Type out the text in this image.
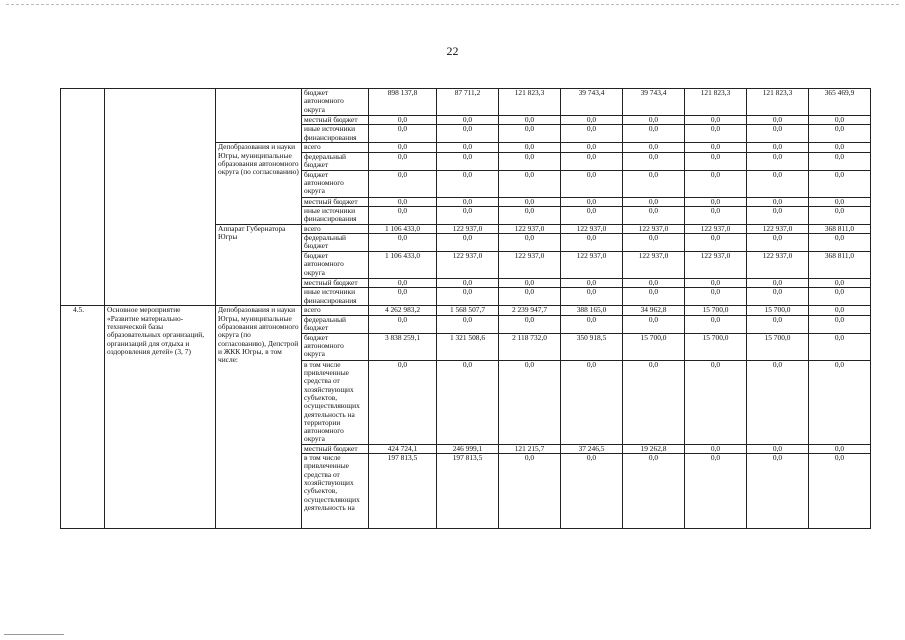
22
			бюджет автономного округа	898 137,8	87 711,2	121 823,3	39 743,4	39 743,4	121 823,3	121 823,3	365 469,9
			местный бюджет	0,0	0,0	0,0	0,0	0,0	0,0	0,0	0,0
			иные источники финансирования	0,0	0,0	0,0	0,0	0,0	0,0	0,0	0,0
		Депобразования и науки Югры, муниципальные образования автономного округа (по согласованию)	всего	0,0	0,0	0,0	0,0	0,0	0,0	0,0	0,0
			федеральный бюджет	0,0	0,0	0,0	0,0	0,0	0,0	0,0	0,0
			бюджет автономного округа	0,0	0,0	0,0	0,0	0,0	0,0	0,0	0,0
			местный бюджет	0,0	0,0	0,0	0,0	0,0	0,0	0,0	0,0
			иные источники финансирования	0,0	0,0	0,0	0,0	0,0	0,0	0,0	0,0
		Аппарат Губернатора Югры	всего	1 106 433,0	122 937,0	122 937,0	122 937,0	122 937,0	122 937,0	122 937,0	368 811,0
			федеральный бюджет	0,0	0,0	0,0	0,0	0,0	0,0	0,0	0,0
			бюджет автономного округа	1 106 433,0	122 937,0	122 937,0	122 937,0	122 937,0	122 937,0	122 937,0	368 811,0
			местный бюджет	0,0	0,0	0,0	0,0	0,0	0,0	0,0	0,0
			иные источники финансирования	0,0	0,0	0,0	0,0	0,0	0,0	0,0	0,0
4.5.	Основное мероприятие «Развитие материально-технической базы образовательных организаций, организаций для отдыха и оздоровления детей» (3, 7)	Депобразования и науки Югры, муниципальные образования автономного округа (по согласованию), Депстрой и ЖКК Югры, в том числе:	всего	4 262 983,2	1 568 507,7	2 239 947,7	388 165,0	34 962,8	15 700,0	15 700,0	0,0
			федеральный бюджет	0,0	0,0	0,0	0,0	0,0	0,0	0,0	0,0
			бюджет автономного округа	3 838 259,1	1 321 508,6	2 118 732,0	350 918,5	15 700,0	15 700,0	15 700,0	0,0
			в том числе привлеченные средства от хозяйствующих субъектов, осуществляющих деятельность на территории автономного округа	0,0	0,0	0,0	0,0	0,0	0,0	0,0	0,0
			местный бюджет	424 724,1	246 999,1	121 215,7	37 246,5	19 262,8	0,0	0,0	0,0
			в том числе привлеченные средства от хозяйствующих субъектов, осуществляющих деятельность на	197 813,5	197 813,5	0,0	0,0	0,0	0,0	0,0	0,0
